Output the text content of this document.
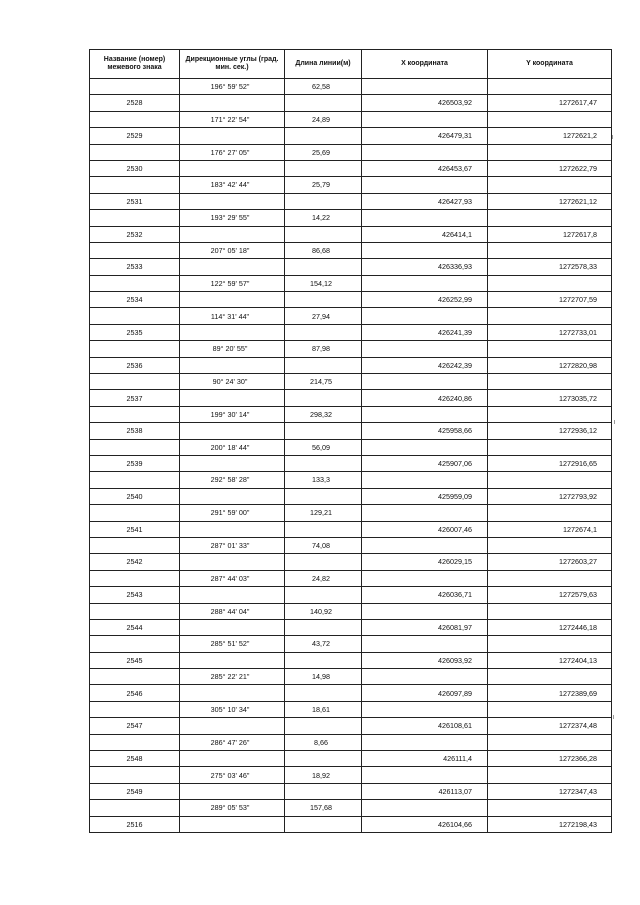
Название (номер) межевого знака	Дирекционные углы (град. мин. сек.)	Длина линии(м)	X координата	Y координата
	196° 59' 52"	62,58		
2528			426503,92	1272617,47
	171° 22' 54"	24,89		
2529			426479,31	1272621,2
	176° 27' 05"	25,69		
2530			426453,67	1272622,79
	183° 42' 44"	25,79		
2531			426427,93	1272621,12
	193° 29' 55"	14,22		
2532			426414,1	1272617,8
	207° 05' 18"	86,68		
2533			426336,93	1272578,33
	122° 59' 57"	154,12		
2534			426252,99	1272707,59
	114° 31' 44"	27,94		
2535			426241,39	1272733,01
	89° 20' 55"	87,98		
2536			426242,39	1272820,98
	90° 24' 30"	214,75		
2537			426240,86	1273035,72
	199° 30' 14"	298,32		
2538			425958,66	1272936,12
	200° 18' 44"	56,09		
2539			425907,06	1272916,65
	292° 58' 28"	133,3		
2540			425959,09	1272793,92
	291° 59' 00"	129,21		
2541			426007,46	1272674,1
	287° 01' 33"	74,08		
2542			426029,15	1272603,27
	287° 44' 03"	24,82		
2543			426036,71	1272579,63
	288° 44' 04"	140,92		
2544			426081,97	1272446,18
	285° 51' 52"	43,72		
2545			426093,92	1272404,13
	285° 22' 21"	14,98		
2546			426097,89	1272389,69
	305° 10' 34"	18,61		
2547			426108,61	1272374,48
	286° 47' 26"	8,66		
2548			426111,4	1272366,28
	275° 03' 46"	18,92		
2549			426113,07	1272347,43
	289° 05' 53"	157,68		
2516			426104,66	1272198,43
